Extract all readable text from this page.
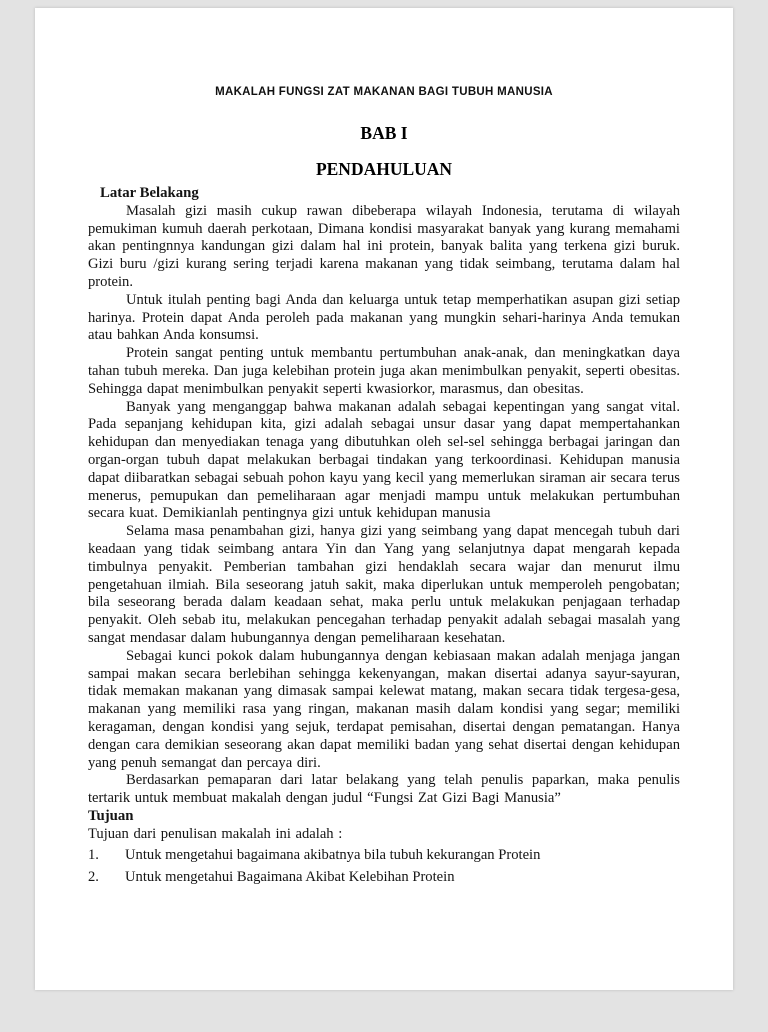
MAKALAH FUNGSI ZAT MAKANAN BAGI TUBUH MANUSIA
BAB I
PENDAHULUAN
Latar Belakang

Masalah gizi masih cukup rawan dibeberapa wilayah Indonesia, terutama di wilayah pemukiman kumuh daerah perkotaan, Dimana kondisi masyarakat banyak yang kurang memahami akan pentingnnya kandungan gizi dalam hal ini protein, banyak balita yang terkena gizi buruk. Gizi buru /gizi kurang sering terjadi karena makanan yang tidak seimbang, terutama dalam hal protein.

Untuk itulah penting bagi Anda dan keluarga untuk tetap memperhatikan asupan gizi setiap harinya. Protein dapat Anda peroleh pada makanan yang mungkin sehari-harinya Anda temukan atau bahkan Anda konsumsi.

Protein sangat penting untuk membantu pertumbuhan anak-anak, dan meningkatkan daya tahan tubuh mereka. Dan juga kelebihan protein juga akan menimbulkan penyakit, seperti obesitas. Sehingga dapat menimbulkan penyakit seperti kwasiorkor, marasmus, dan obesitas.

Banyak yang menganggap bahwa makanan adalah sebagai kepentingan yang sangat vital. Pada sepanjang kehidupan kita, gizi adalah sebagai unsur dasar yang dapat mempertahankan kehidupan dan menyediakan tenaga yang dibutuhkan oleh sel-sel sehingga berbagai jaringan dan organ-organ tubuh dapat melakukan berbagai tindakan yang terkoordinasi. Kehidupan manusia dapat diibaratkan sebagai sebuah pohon kayu yang kecil yang memerlukan siraman air secara terus menerus, pemupukan dan pemeliharaan agar menjadi mampu untuk melakukan pertumbuhan secara kuat. Demikianlah pentingnya gizi untuk kehidupan manusia

Selama masa penambahan gizi, hanya gizi yang seimbang yang dapat mencegah tubuh dari keadaan yang tidak seimbang antara Yin dan Yang yang selanjutnya dapat mengarah kepada timbulnya penyakit. Pemberian tambahan gizi hendaklah secara wajar dan menurut ilmu pengetahuan ilmiah. Bila seseorang jatuh sakit, maka diperlukan untuk memperoleh pengobatan; bila seseorang berada dalam keadaan sehat, maka perlu untuk melakukan penjagaan terhadap penyakit. Oleh sebab itu, melakukan pencegahan terhadap penyakit adalah sebagai masalah yang sangat mendasar dalam hubungannya dengan pemeliharaan kesehatan.

Sebagai kunci pokok dalam hubungannya dengan kebiasaan makan adalah menjaga jangan sampai makan secara berlebihan sehingga kekenyangan, makan disertai adanya sayur-sayuran, tidak memakan makanan yang dimasak sampai kelewat matang, makan secara tidak tergesa-gesa, makanan yang memiliki rasa yang ringan, makanan masih dalam kondisi yang segar; memiliki keragaman, dengan kondisi yang sejuk, terdapat pemisahan, disertai dengan pematangan. Hanya dengan cara demikian seseorang akan dapat memiliki badan yang sehat disertai dengan kehidupan yang penuh semangat dan percaya diri.

Berdasarkan pemaparan dari latar belakang yang telah penulis paparkan, maka penulis tertarik untuk membuat makalah dengan judul “Fungsi Zat Gizi Bagi Manusia”

Tujuan

Tujuan dari penulisan makalah ini adalah :

1.	Untuk mengetahui bagaimana akibatnya bila tubuh kekurangan Protein
2.	Untuk mengetahui Bagaimana Akibat Kelebihan Protein
